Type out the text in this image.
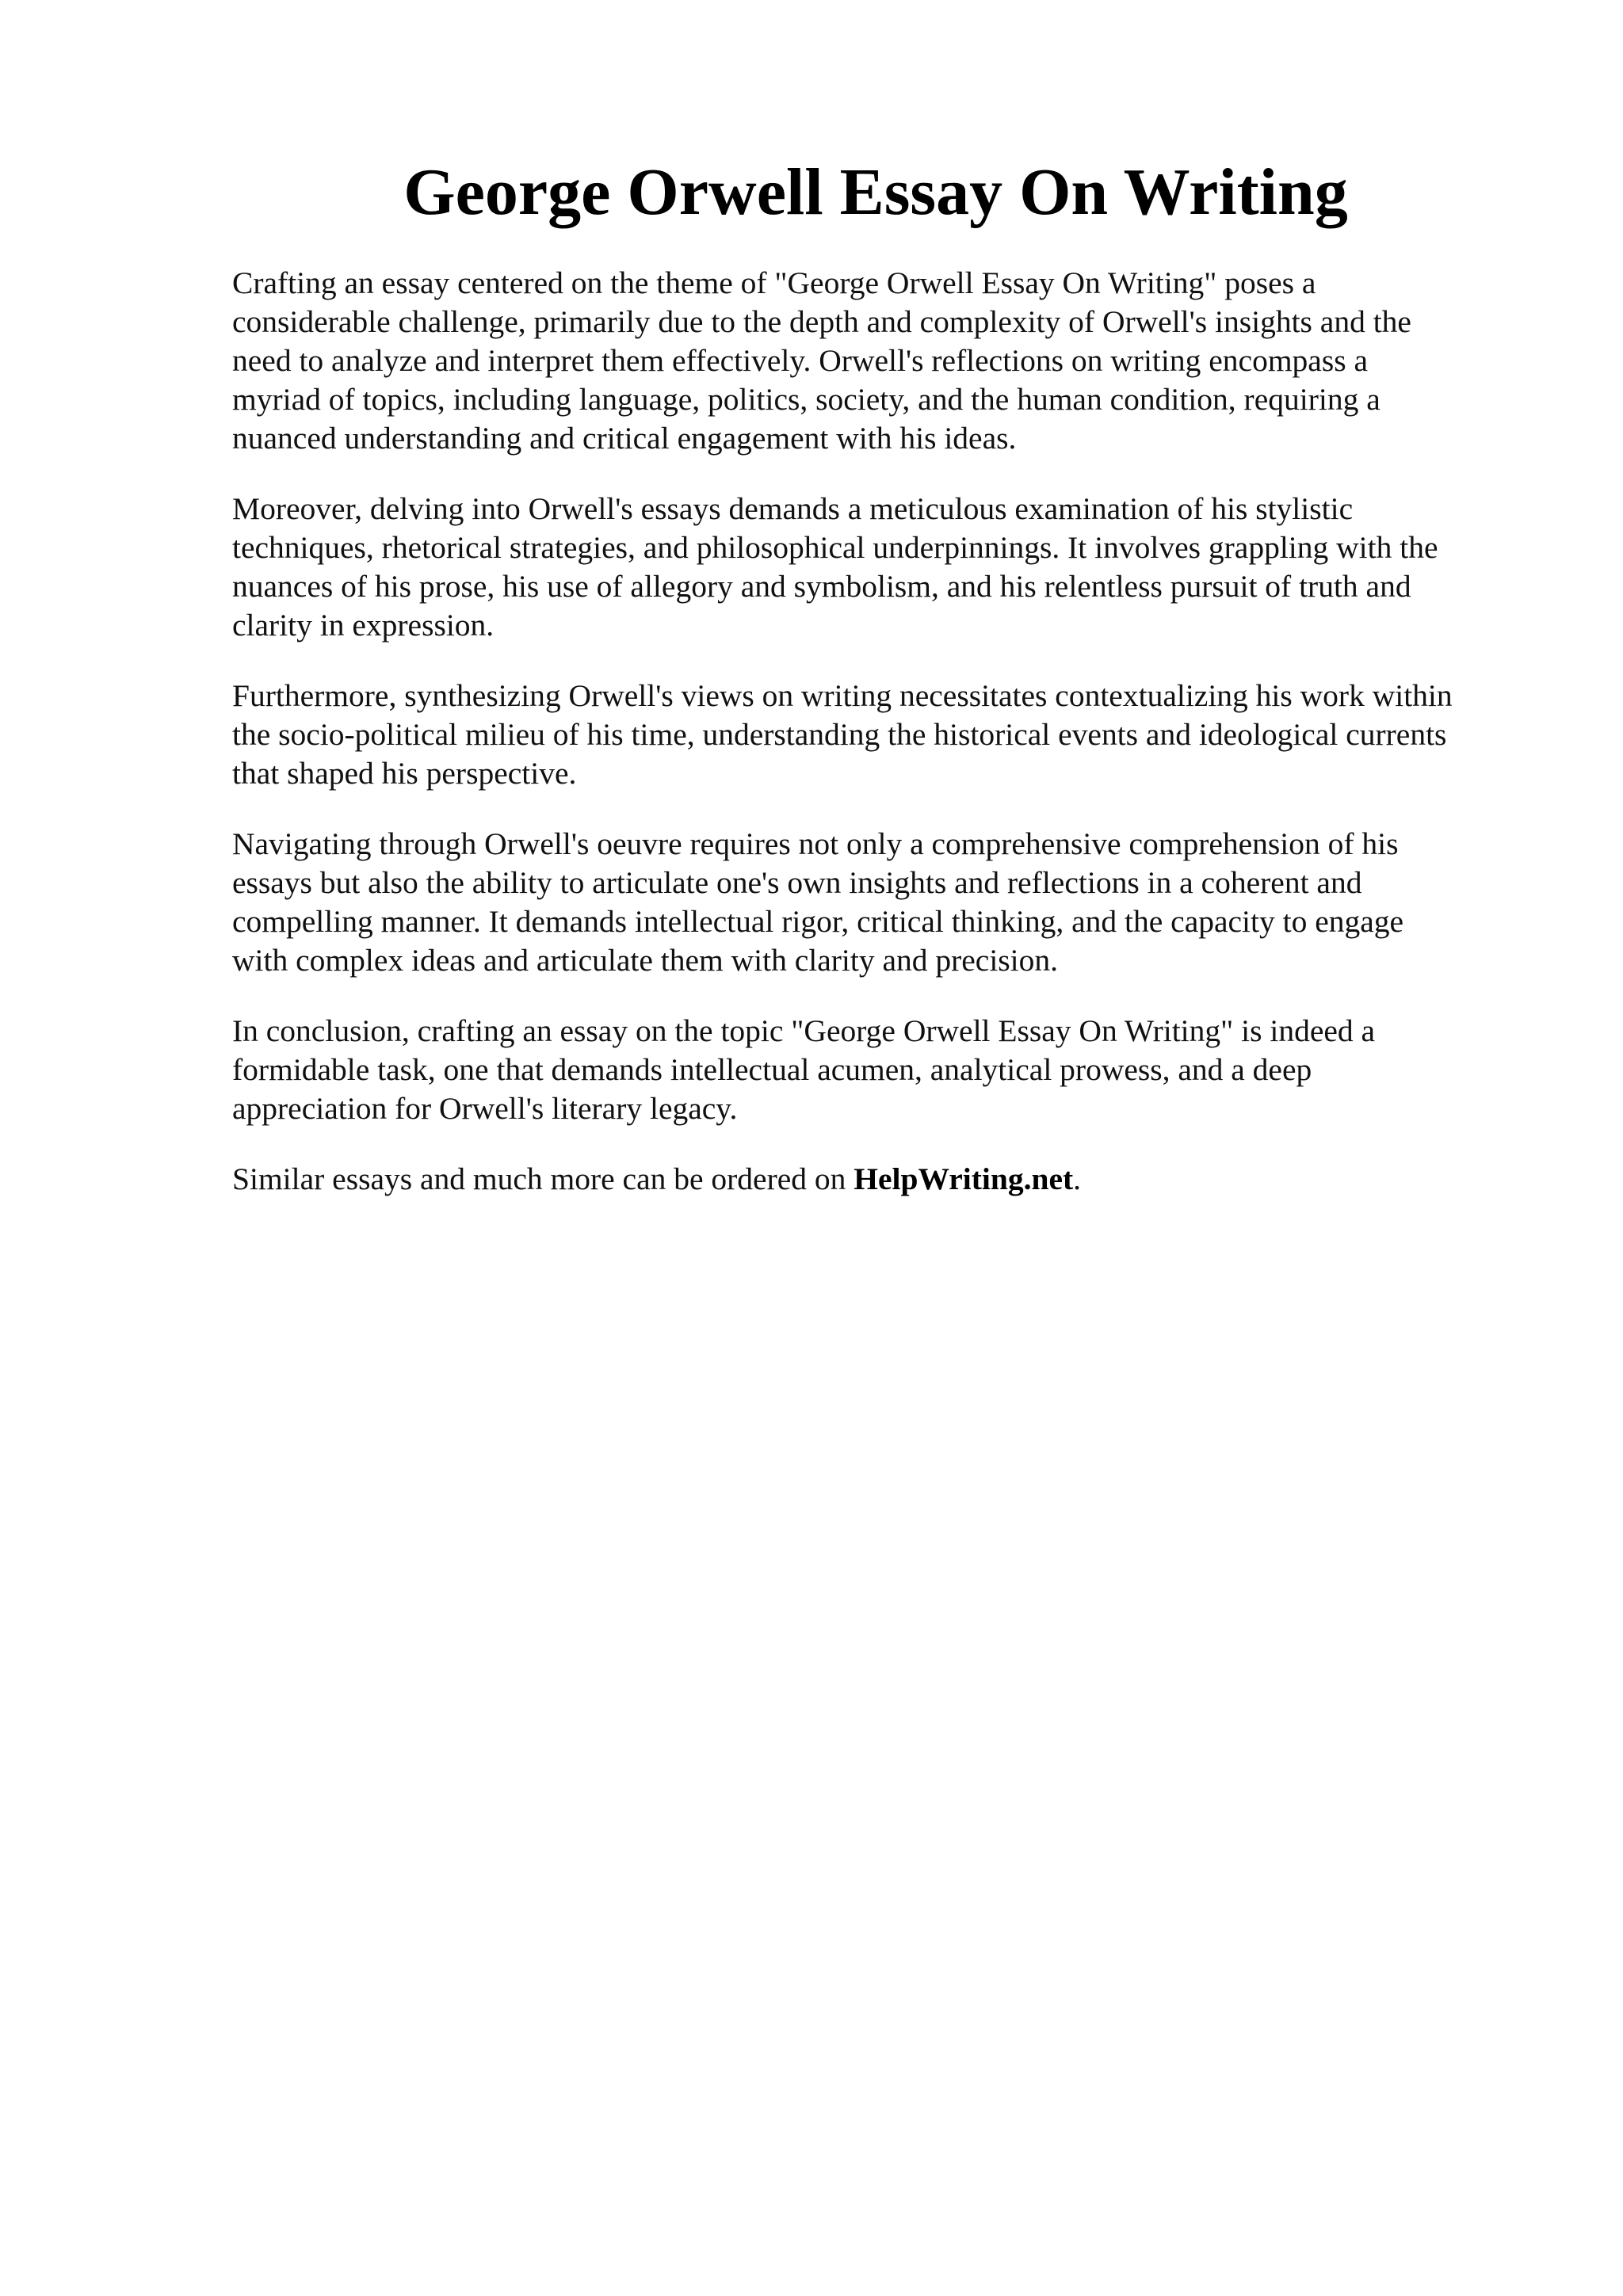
George Orwell Essay On Writing

Crafting an essay centered on the theme of "George Orwell Essay On Writing" poses a
considerable challenge, primarily due to the depth and complexity of Orwell's insights and the
need to analyze and interpret them effectively. Orwell's reflections on writing encompass a
myriad of topics, including language, politics, society, and the human condition, requiring a
nuanced understanding and critical engagement with his ideas.

Moreover, delving into Orwell's essays demands a meticulous examination of his stylistic
techniques, rhetorical strategies, and philosophical underpinnings. It involves grappling with the
nuances of his prose, his use of allegory and symbolism, and his relentless pursuit of truth and
clarity in expression.

Furthermore, synthesizing Orwell's views on writing necessitates contextualizing his work within
the socio-political milieu of his time, understanding the historical events and ideological currents
that shaped his perspective.

Navigating through Orwell's oeuvre requires not only a comprehensive comprehension of his
essays but also the ability to articulate one's own insights and reflections in a coherent and
compelling manner. It demands intellectual rigor, critical thinking, and the capacity to engage
with complex ideas and articulate them with clarity and precision.

In conclusion, crafting an essay on the topic "George Orwell Essay On Writing" is indeed a
formidable task, one that demands intellectual acumen, analytical prowess, and a deep
appreciation for Orwell's literary legacy.

Similar essays and much more can be ordered on HelpWriting.net.
